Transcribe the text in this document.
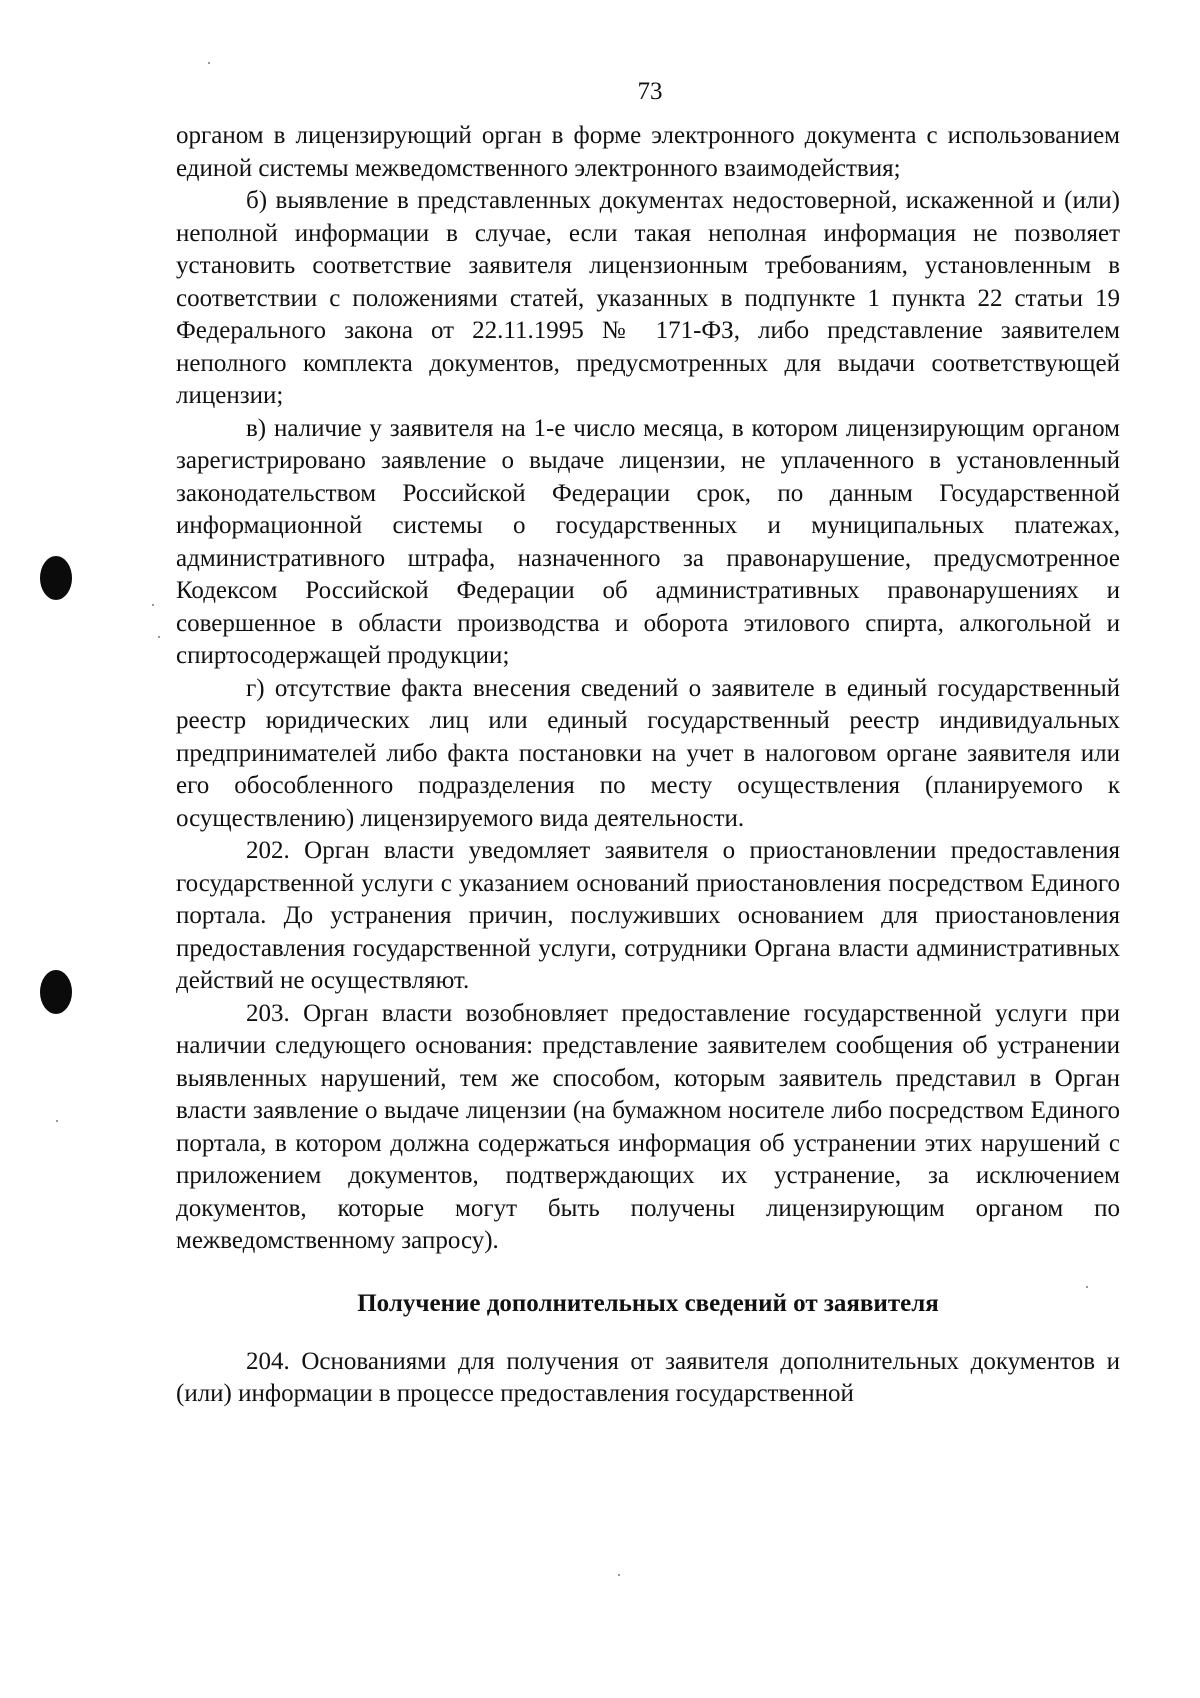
73

органом в лицензирующий орган в форме электронного документа с использованием единой системы межведомственного электронного взаимодействия;

б) выявление в представленных документах недостоверной, искаженной и (или) неполной информации в случае, если такая неполная информация не позволяет установить соответствие заявителя лицензионным требованиям, установленным в соответствии с положениями статей, указанных в подпункте 1 пункта 22 статьи 19 Федерального закона от 22.11.1995 № 171-ФЗ, либо представление заявителем неполного комплекта документов, предусмотренных для выдачи соответствующей лицензии;

в) наличие у заявителя на 1-е число месяца, в котором лицензирующим органом зарегистрировано заявление о выдаче лицензии, не уплаченного в установленный законодательством Российской Федерации срок, по данным Государственной информационной системы о государственных и муниципальных платежах, административного штрафа, назначенного за правонарушение, предусмотренное Кодексом Российской Федерации об административных правонарушениях и совершенное в области производства и оборота этилового спирта, алкогольной и спиртосодержащей продукции;

г) отсутствие факта внесения сведений о заявителе в единый государственный реестр юридических лиц или единый государственный реестр индивидуальных предпринимателей либо факта постановки на учет в налоговом органе заявителя или его обособленного подразделения по месту осуществления (планируемого к осуществлению) лицензируемого вида деятельности.

202. Орган власти уведомляет заявителя о приостановлении предоставления государственной услуги с указанием оснований приостановления посредством Единого портала. До устранения причин, послуживших основанием для приостановления предоставления государственной услуги, сотрудники Органа власти административных действий не осуществляют.

203. Орган власти возобновляет предоставление государственной услуги при наличии следующего основания: представление заявителем сообщения об устранении выявленных нарушений, тем же способом, которым заявитель представил в Орган власти заявление о выдаче лицензии (на бумажном носителе либо посредством Единого портала, в котором должна содержаться информация об устранении этих нарушений с приложением документов, подтверждающих их устранение, за исключением документов, которые могут быть получены лицензирующим органом по межведомственному запросу).

Получение дополнительных сведений от заявителя

204. Основаниями для получения от заявителя дополнительных документов и (или) информации в процессе предоставления государственной
